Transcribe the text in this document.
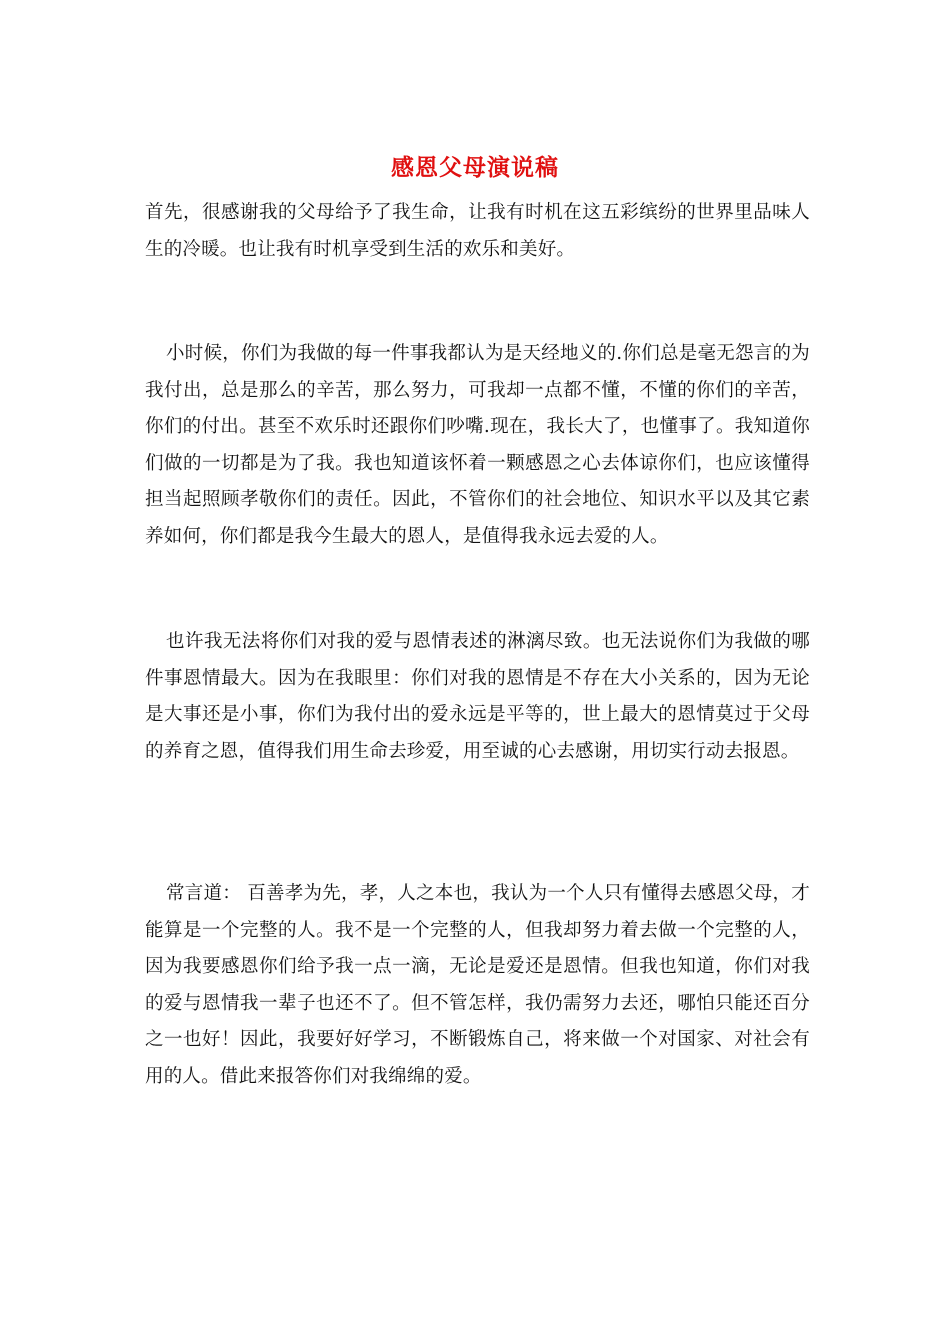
感恩父母演说稿

首先，很感谢我的父母给予了我生命，让我有时机在这五彩缤纷的世界里品味人生的冷暖。也让我有时机享受到生活的欢乐和美好。

小时候，你们为我做的每一件事我都认为是天经地义的.你们总是毫无怨言的为我付出，总是那么的辛苦，那么努力，可我却一点都不懂，不懂的你们的辛苦，你们的付出。甚至不欢乐时还跟你们吵嘴.现在，我长大了，也懂事了。我知道你们做的一切都是为了我。我也知道该怀着一颗感恩之心去体谅你们，也应该懂得担当起照顾孝敬你们的责任。因此，不管你们的社会地位、知识水平以及其它素养如何，你们都是我今生最大的恩人，是值得我永远去爱的人。

也许我无法将你们对我的爱与恩情表述的淋漓尽致。也无法说你们为我做的哪件事恩情最大。因为在我眼里：你们对我的恩情是不存在大小关系的，因为无论是大事还是小事，你们为我付出的爱永远是平等的，世上最大的恩情莫过于父母的养育之恩，值得我们用生命去珍爱，用至诚的心去感谢，用切实行动去报恩。

常言道： 百善孝为先，孝，人之本也，我认为一个人只有懂得去感恩父母，才能算是一个完整的人。我不是一个完整的人，但我却努力着去做一个完整的人，因为我要感恩你们给予我一点一滴，无论是爱还是恩情。但我也知道，你们对我的爱与恩情我一辈子也还不了。但不管怎样，我仍需努力去还，哪怕只能还百分之一也好！因此，我要好好学习，不断锻炼自己，将来做一个对国家、对社会有用的人。借此来报答你们对我绵绵的爱。
